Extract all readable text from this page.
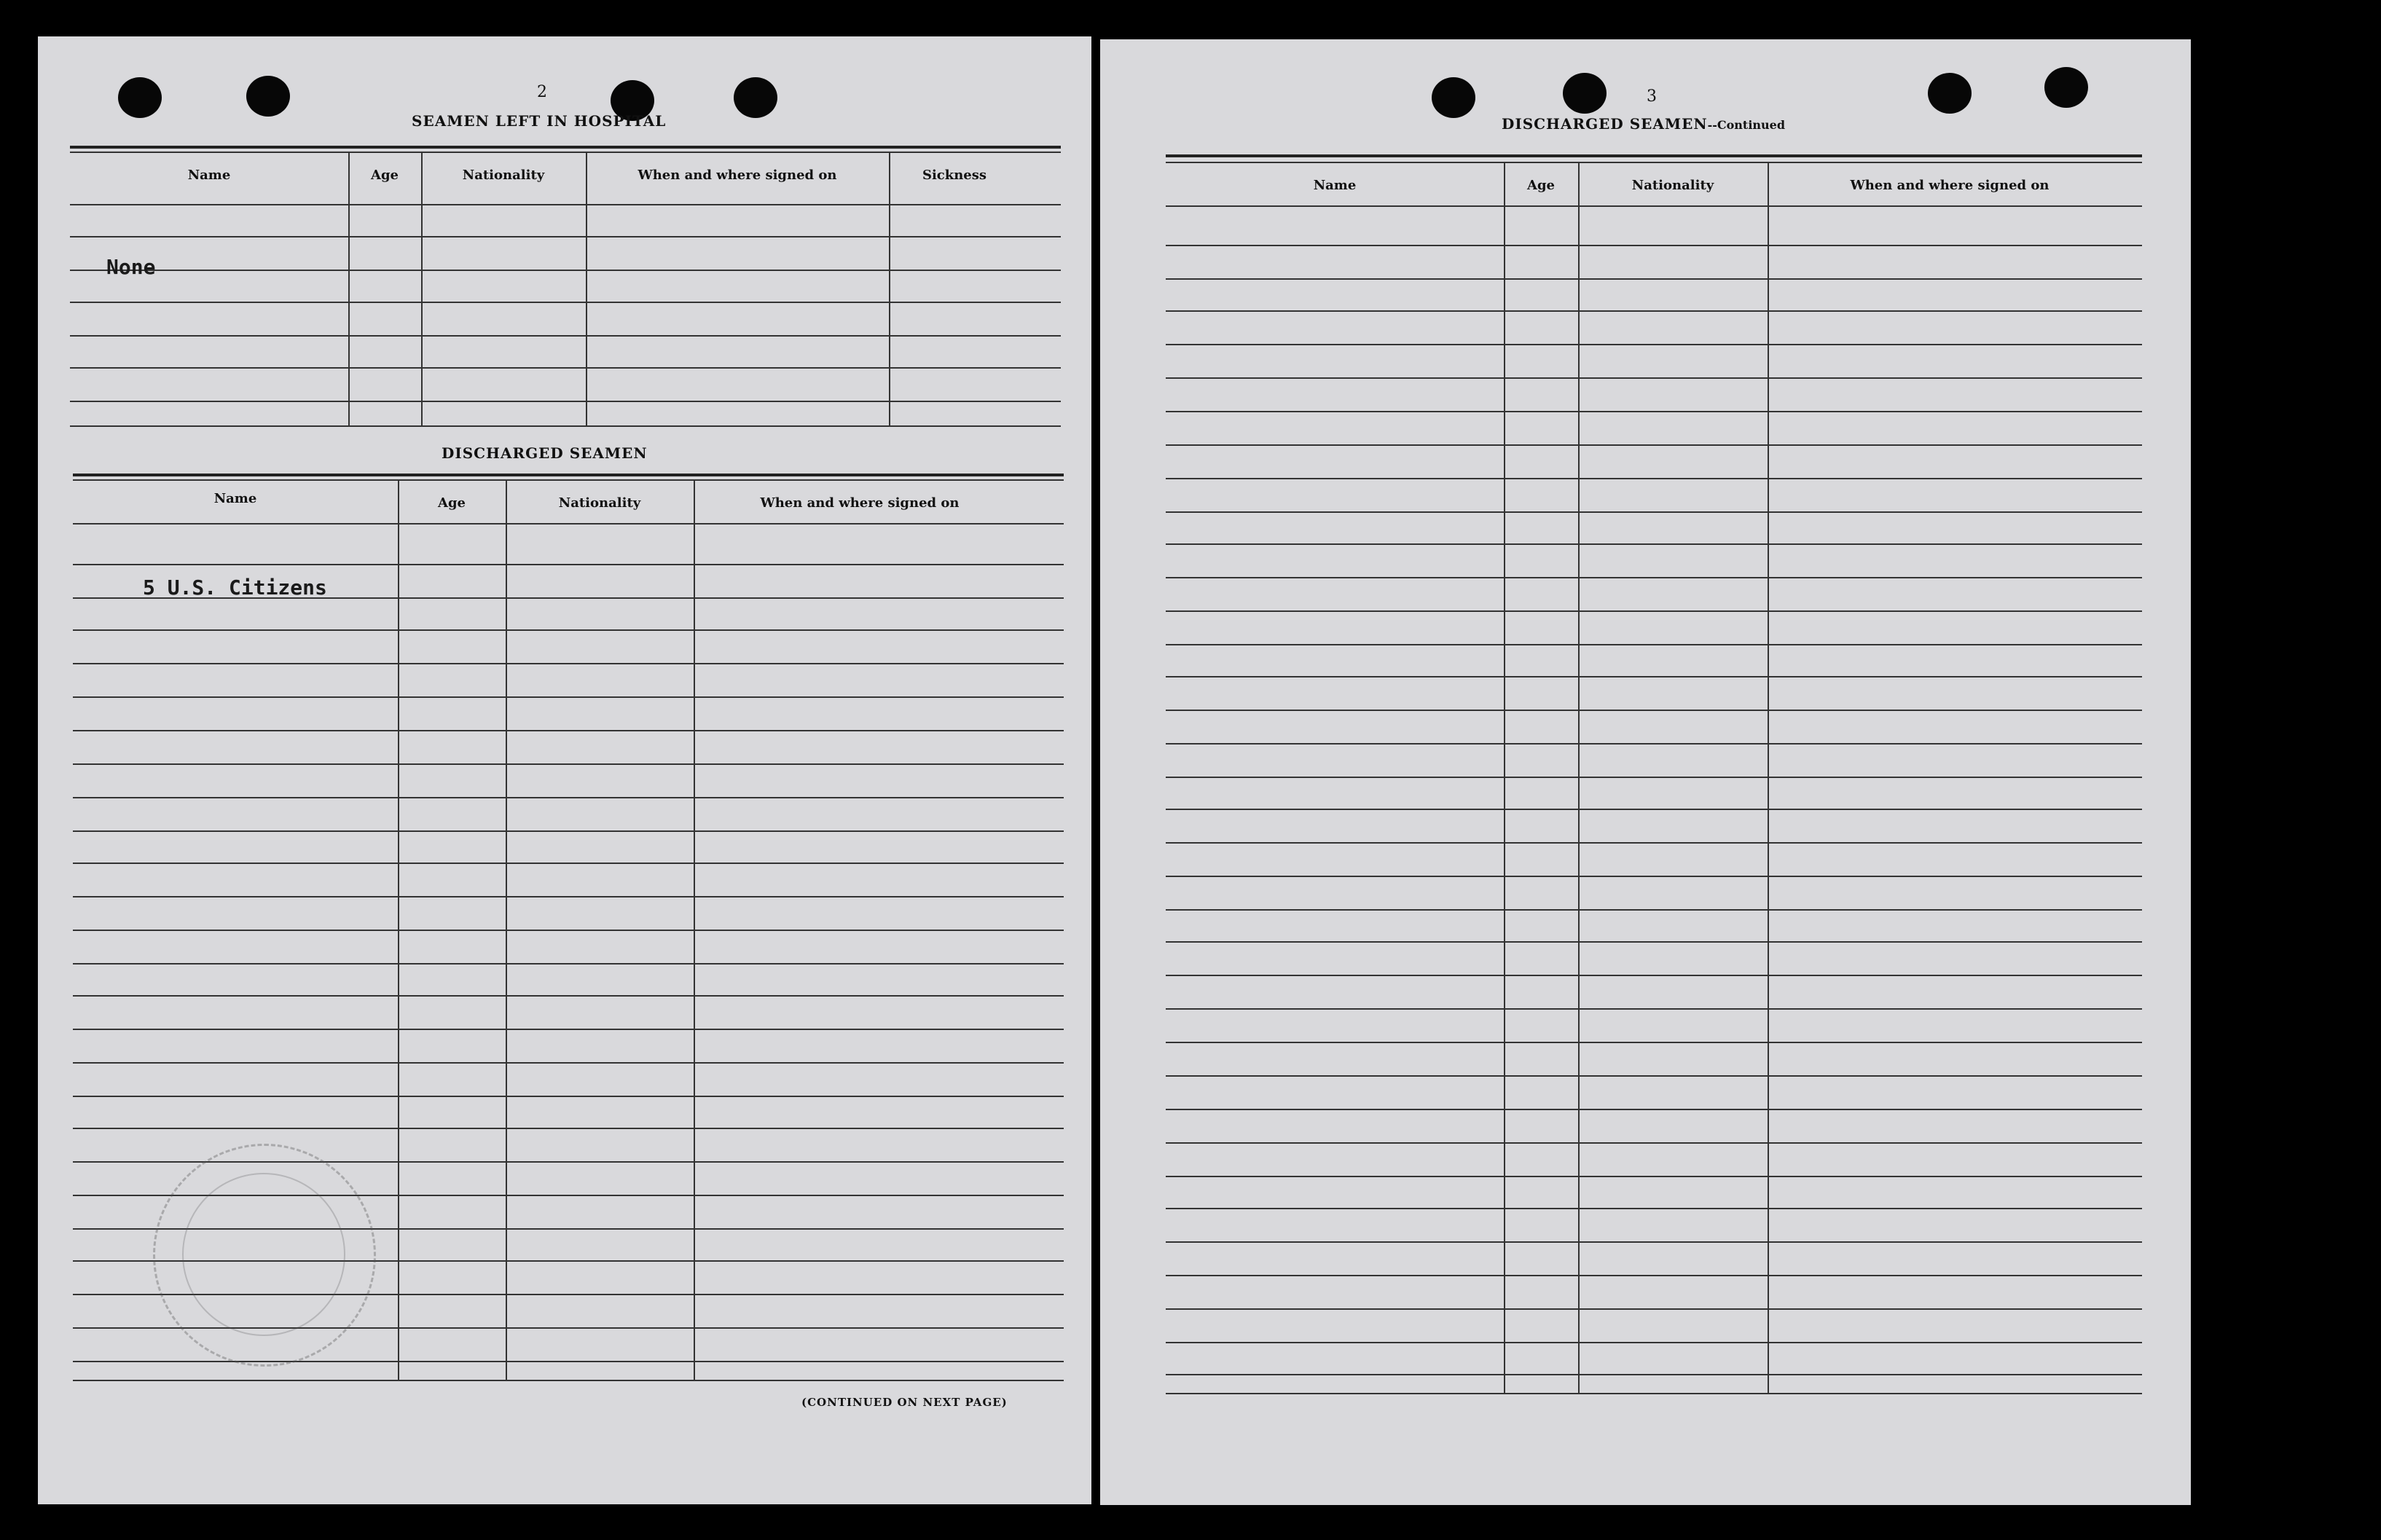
2
SEAMEN LEFT IN HOSPITAL
Name	Age	Nationality	When and where signed on	Sickness
None
DISCHARGED SEAMEN
Name	Age	Nationality	When and where signed on
5 U.S. Citizens
(CONTINUED ON NEXT PAGE)
3
DISCHARGED SEAMEN--Continued
Name	Age	Nationality	When and where signed on
